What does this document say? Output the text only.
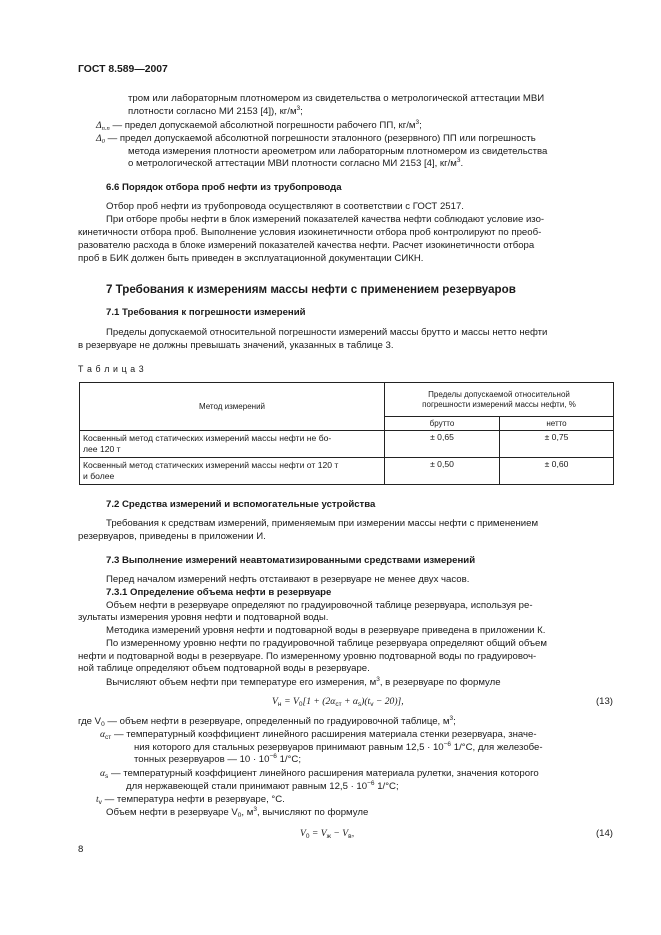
ГОСТ 8.589—2007
тром или лабораторным плотномером из свидетельства о метрологической аттестации МВИ
плотности согласно МИ 2153 [4]), $кг/м^3$;
$\Delta_{п.п}$ — предел допускаемой абсолютной погрешности рабочего ПП, $кг/м^3$;
$\Delta_0$ — предел допускаемой абсолютной погрешности эталонного (резервного) ПП или погрешность
метода измерения плотности ареометром или лабораторным плотномером из свидетельства
о метрологической аттестации МВИ плотности согласно МИ 2153 [4], $кг/м^3$.
6.6 Порядок отбора проб нефти из трубопровода
Отбор проб нефти из трубопровода осуществляют в соответствии с ГОСТ 2517.
При отборе пробы нефти в блок измерений показателей качества нефти соблюдают условие изо-
кинетичности отбора проб. Выполнение условия изокинетичности отбора проб контролируют по преоб-
разователю расхода в блоке измерений показателей качества нефти. Расчет изокинетичности отбора
проб в БИК должен быть приведен в эксплуатационной документации СИКН.
7 Требования к измерениям массы нефти с применением резервуаров
7.1 Требования к погрешности измерений
Пределы допускаемой относительной погрешности измерений массы брутто и массы нетто нефти
в резервуаре не должны превышать значений, указанных в таблице 3.
Т а б л и ц а 3
Метод измерений	Пределы допускаемой относительной
погрешности измерений массы нефти, %	
	брутто	нетто
Косвенный метод статических измерений массы нефти не бо-
лее 120 т	± 0,65	± 0,75
Косвенный метод статических измерений массы нефти от 120 т
и более	± 0,50	± 0,60
7.2 Средства измерений и вспомогательные устройства
Требования к средствам измерений, применяемым при измерении массы нефти с применением
резервуаров, приведены в приложении И.
7.3 Выполнение измерений неавтоматизированными средствами измерений
Перед началом измерений нефть отстаивают в резервуаре не менее двух часов.
7.3.1 Определение объема нефти в резервуаре
Объем нефти в резервуаре определяют по градуировочной таблице резервуара, используя ре-
зультаты измерения уровня нефти и подтоварной воды.
Методика измерений уровня нефти и подтоварной воды в резервуаре приведена в приложении К.
По измеренному уровню нефти по градуировочной таблице резервуара определяют общий объем
нефти и подтоварной воды в резервуаре. По измеренному уровню подтоварной воды по градуировоч-
ной таблице определяют объем подтоварной воды в резервуаре.
Вычисляют объем нефти при температуре его измерения, $м^3$, в резервуаре по формуле
$V_н = V_0[1 + (2\alpha_{ст} + \alpha_s)(t_v - 20)]$,	(13)
где $V_0$ — объем нефти в резервуаре, определенный по градуировочной таблице, $м^3$;
$\alpha_{ст}$ — температурный коэффициент линейного расширения материала стенки резервуара, значе-
ния которого для стальных резервуаров принимают равным $12,5 \cdot 10^{-6}$ 1/°С, для железобе-
тонных резервуаров — $10 \cdot 10^{-6}$ 1/°С;
$\alpha_s$ — температурный коэффициент линейного расширения материала рулетки, значения которого
для нержавеющей стали принимают равным $12,5 \cdot 10^{-6}$ 1/°С;
$t_v$ — температура нефти в резервуаре, °С.
Объем нефти в резервуаре $V_0$, $м^3$, вычисляют по формуле
$V_0 = V_ж - V_в$,	(14)
8
